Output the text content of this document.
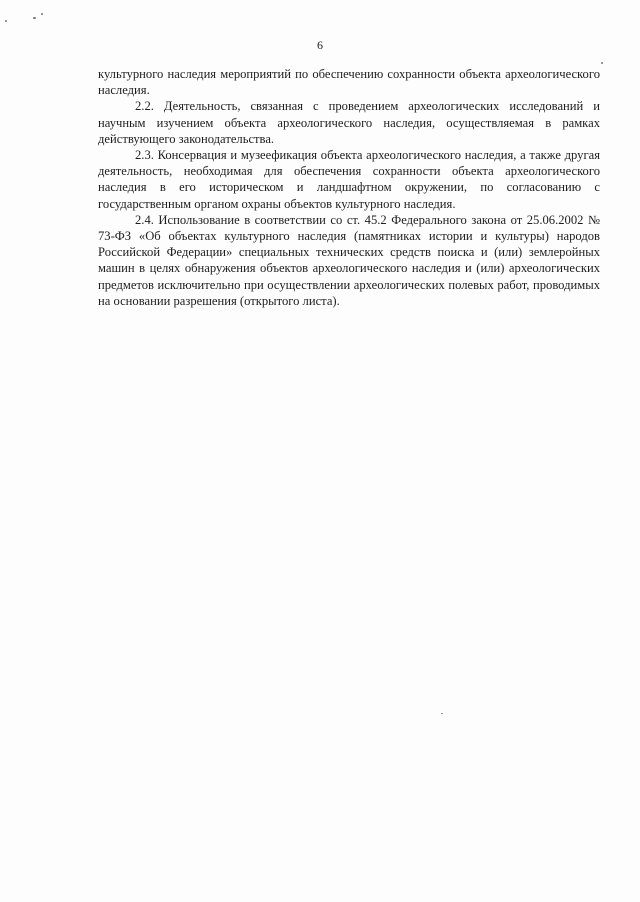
6

культурного наследия мероприятий по обеспечению сохранности объекта археологического наследия.

2.2. Деятельность, связанная с проведением археологических исследований и научным изучением объекта археологического наследия, осуществляемая в рамках действующего законодательства.

2.3. Консервация и музеефикация объекта археологического наследия, а также другая деятельность, необходимая для обеспечения сохранности объекта археологического наследия в его историческом и ландшафтном окружении, по согласованию с государственным органом охраны объектов культурного наследия.

2.4. Использование в соответствии со ст. 45.2 Федерального закона от 25.06.2002 № 73-ФЗ «Об объектах культурного наследия (памятниках истории и культуры) народов Российской Федерации» специальных технических средств поиска и (или) землеройных машин в целях обнаружения объектов археологического наследия и (или) археологических предметов исключительно при осуществлении археологических полевых работ, проводимых на основании разрешения (открытого листа).
